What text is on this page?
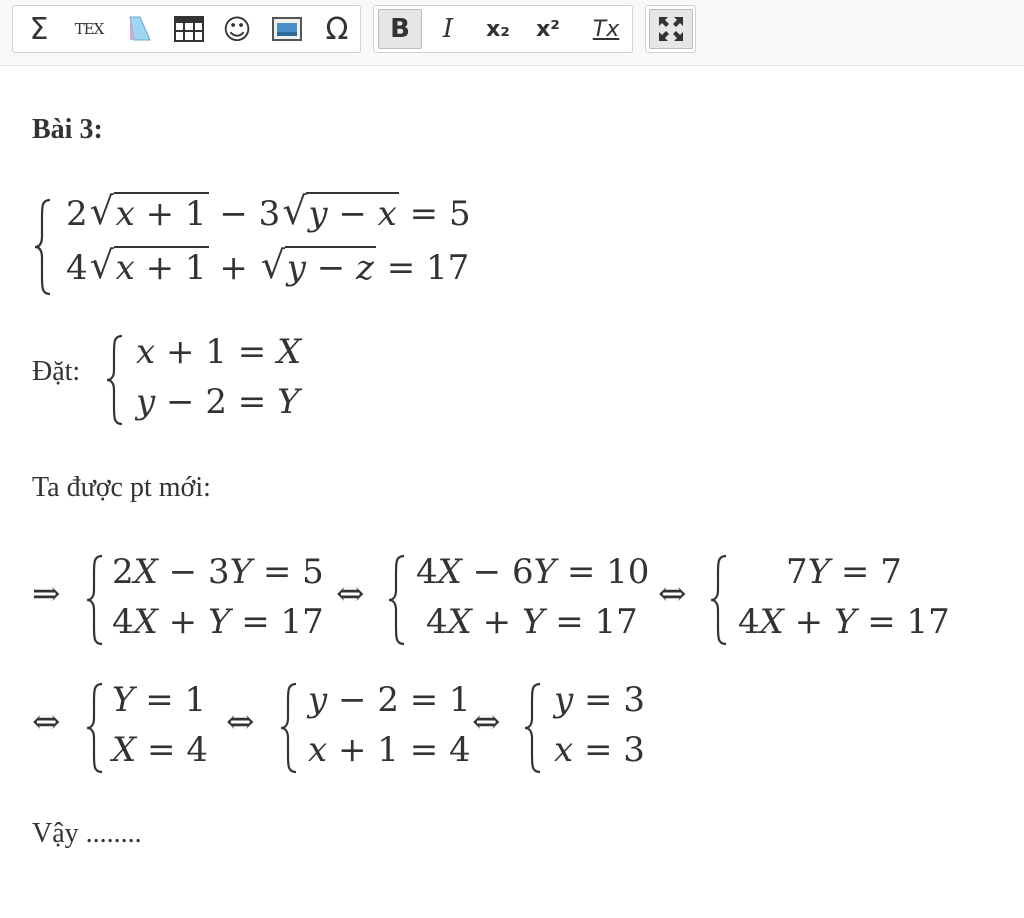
Σ	TEX	☺	Ω	B	I	x₂	x²	Tx
Bài 3:
2 √ x + 1 − 3 √ y − x = 5
4 √ x + 1 + √ y − z = 17
Đặt: x + 1 = X
y − 2 = Y
Ta được pt mới:
⇒
2X − 3Y = 5
4X + Y = 17
⇔
4X − 6Y = 10
4X + Y = 17
⇔
7Y = 7
4X + Y = 17
⇔
Y = 1
X = 4
⇔
y − 2 = 1
x + 1 = 4
⇔
y = 3
x = 3
Vậy ........
